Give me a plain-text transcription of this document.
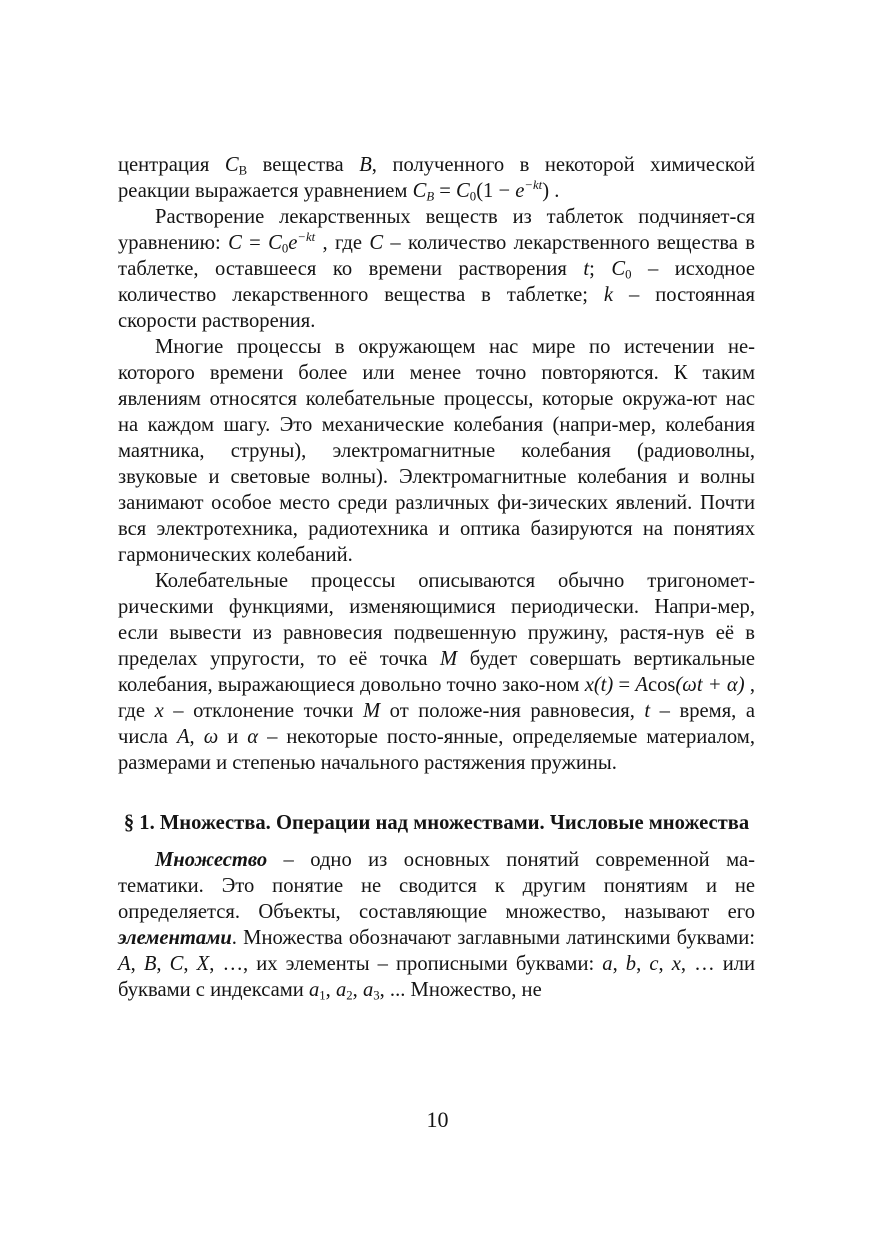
центрация $C_B$ вещества B, полученного в некоторой химической реакции выражается уравнением $C_B = C_0(1 - e^{-kt})$ .

Растворение лекарственных веществ из таблеток подчиняет-ся уравнению: $C = C_0e^{-kt}$ , где C – количество лекарственного вещества в таблетке, оставшееся ко времени растворения t; $C_0$ – исходное количество лекарственного вещества в таблетке; k – постоянная скорости растворения.

Многие процессы в окружающем нас мире по истечении не-которого времени более или менее точно повторяются. К таким явлениям относятся колебательные процессы, которые окружа-ют нас на каждом шагу. Это механические колебания (напри-мер, колебания маятника, струны), электромагнитные колебания (радиоволны, звуковые и световые волны). Электромагнитные колебания и волны занимают особое место среди различных фи-зических явлений. Почти вся электротехника, радиотехника и оптика базируются на понятиях гармонических колебаний.

Колебательные процессы описываются обычно тригономет-рическими функциями, изменяющимися периодически. Напри-мер, если вывести из равновесия подвешенную пружину, растя-нув её в пределах упругости, то её точка M будет совершать вертикальные колебания, выражающиеся довольно точно зако-ном x(t) = Acos(ωt + α) , где x – отклонение точки M от положе-ния равновесия, t – время, а числа A, ω и α – некоторые посто-янные, определяемые материалом, размерами и степенью начального растяжения пружины.

§ 1. Множества. Операции над множествами. Числовые множества

Множество – одно из основных понятий современной ма-тематики. Это понятие не сводится к другим понятиям и не определяется. Объекты, составляющие множество, называют его элементами. Множества обозначают заглавными латинскими буквами: A, B, C, X, …, их элементы – прописными буквами: a, b, c, x, … или буквами с индексами $a_1$, $a_2$, $a_3$, ... Множество, не

10
